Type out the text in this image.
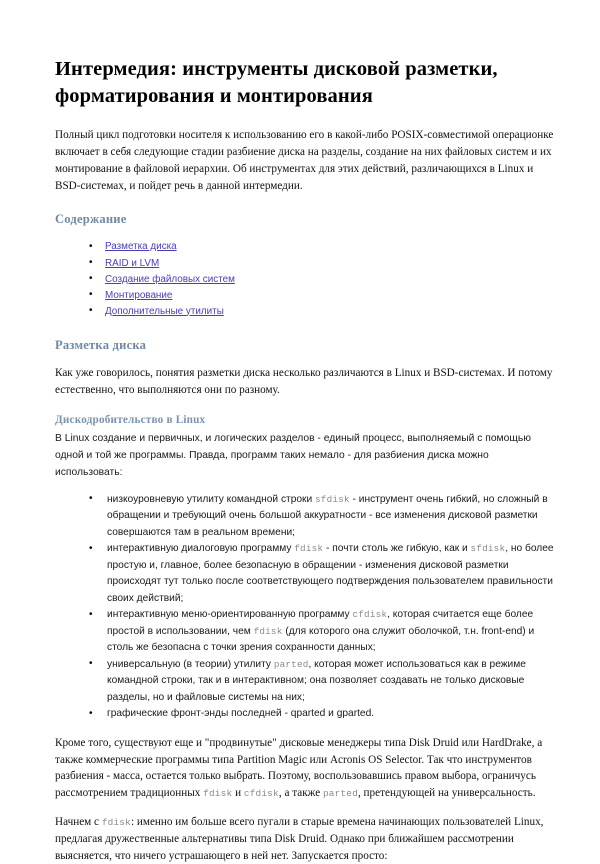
Интермедия: инструменты дисковой разметки, форматирования и монтирования

Полный цикл подготовки носителя к использованию его в какой-либо POSIX-совместимой операционке включает в себя следующие стадии разбиение диска на разделы, создание на них файловых систем и их монтирование в файловой иерархии. Об инструментах для этих действий, различающихся в Linux и BSD-системах, и пойдет речь в данной интермедии.

Содержание
• Разметка диска
• RAID и LVM
• Создание файловых систем
• Монтирование
• Дополнительные утилиты
Разметка диска

Как уже говорилось, понятия разметки диска несколько различаются в Linux и BSD-системах. И потому естественно, что выполняются они по разному.

Дискодробительство в Linux

В Linux создание и первичных, и логических разделов - единый процесс, выполняемый с помощью одной и той же программы. Правда, программ таких немало - для разбиения диска можно использовать:

• низкоуровневую утилиту командной строки sfdisk - инструмент очень гибкий, но сложный в обращении и требующий очень большой аккуратности - все изменения дисковой разметки совершаются там в реальном времени;
• интерактивную диалоговую программу fdisk - почти столь же гибкую, как и sfdisk, но более простую и, главное, более безопасную в обращении - изменения дисковой разметки происходят тут только после соответствующего подтверждения пользователем правильности своих действий;
• интерактивную меню-ориентированную программу cfdisk, которая считается еще более простой в использовании, чем fdisk (для которого она служит оболочкой, т.н. front-end) и столь же безопасна с точки зрения сохранности данных;
• универсальную (в теории) утилиту parted, которая может использоваться как в режиме командной строки, так и в интерактивном; она позволяет создавать не только дисковые разделы, но и файловые системы на них;
• графические фронт-энды последней - qparted и gparted.

Кроме того, существуют еще и "продвинутые" дисковые менеджеры типа Disk Druid или HardDrake, а также коммерческие программы типа Partition Magic или Acronis OS Selector. Так что инструментов разбиения - масса, остается только выбрать. Поэтому, воспользовавшись правом выбора, ограничусь рассмотрением традиционных fdisk и cfdisk, а также parted, претендующей на универсальность.

Начнем с fdisk: именно им больше всего пугали в старые времена начинающих пользователей Linux, предлагая дружественные альтернативы типа Disk Druid. Однако при ближайшем рассмотрении выясняется, что ничего устрашающего в ней нет. Запускается просто:
